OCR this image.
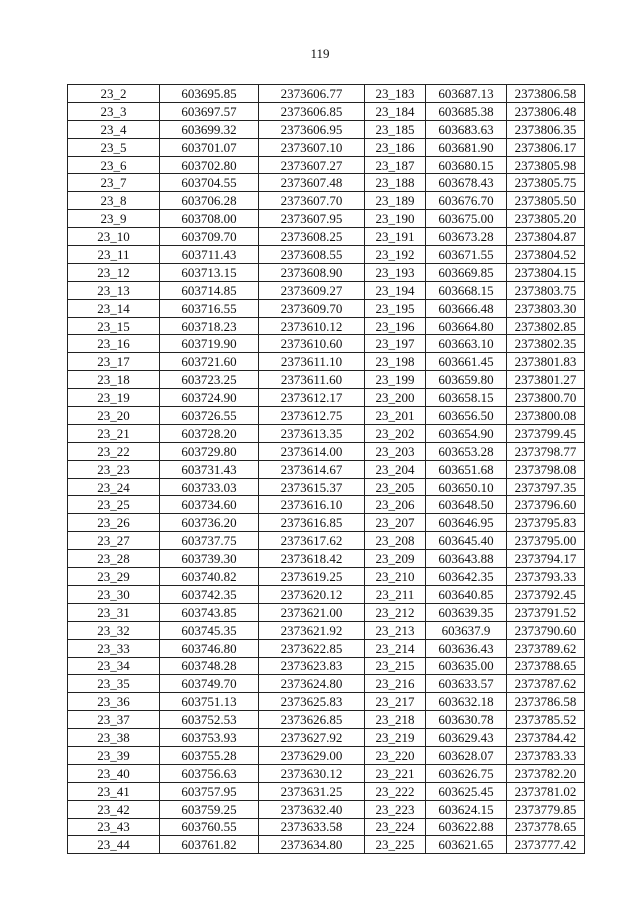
119
23_2	603695.85	2373606.77	23_183	603687.13	2373806.58
23_3	603697.57	2373606.85	23_184	603685.38	2373806.48
23_4	603699.32	2373606.95	23_185	603683.63	2373806.35
23_5	603701.07	2373607.10	23_186	603681.90	2373806.17
23_6	603702.80	2373607.27	23_187	603680.15	2373805.98
23_7	603704.55	2373607.48	23_188	603678.43	2373805.75
23_8	603706.28	2373607.70	23_189	603676.70	2373805.50
23_9	603708.00	2373607.95	23_190	603675.00	2373805.20
23_10	603709.70	2373608.25	23_191	603673.28	2373804.87
23_11	603711.43	2373608.55	23_192	603671.55	2373804.52
23_12	603713.15	2373608.90	23_193	603669.85	2373804.15
23_13	603714.85	2373609.27	23_194	603668.15	2373803.75
23_14	603716.55	2373609.70	23_195	603666.48	2373803.30
23_15	603718.23	2373610.12	23_196	603664.80	2373802.85
23_16	603719.90	2373610.60	23_197	603663.10	2373802.35
23_17	603721.60	2373611.10	23_198	603661.45	2373801.83
23_18	603723.25	2373611.60	23_199	603659.80	2373801.27
23_19	603724.90	2373612.17	23_200	603658.15	2373800.70
23_20	603726.55	2373612.75	23_201	603656.50	2373800.08
23_21	603728.20	2373613.35	23_202	603654.90	2373799.45
23_22	603729.80	2373614.00	23_203	603653.28	2373798.77
23_23	603731.43	2373614.67	23_204	603651.68	2373798.08
23_24	603733.03	2373615.37	23_205	603650.10	2373797.35
23_25	603734.60	2373616.10	23_206	603648.50	2373796.60
23_26	603736.20	2373616.85	23_207	603646.95	2373795.83
23_27	603737.75	2373617.62	23_208	603645.40	2373795.00
23_28	603739.30	2373618.42	23_209	603643.88	2373794.17
23_29	603740.82	2373619.25	23_210	603642.35	2373793.33
23_30	603742.35	2373620.12	23_211	603640.85	2373792.45
23_31	603743.85	2373621.00	23_212	603639.35	2373791.52
23_32	603745.35	2373621.92	23_213	603637.9	2373790.60
23_33	603746.80	2373622.85	23_214	603636.43	2373789.62
23_34	603748.28	2373623.83	23_215	603635.00	2373788.65
23_35	603749.70	2373624.80	23_216	603633.57	2373787.62
23_36	603751.13	2373625.83	23_217	603632.18	2373786.58
23_37	603752.53	2373626.85	23_218	603630.78	2373785.52
23_38	603753.93	2373627.92	23_219	603629.43	2373784.42
23_39	603755.28	2373629.00	23_220	603628.07	2373783.33
23_40	603756.63	2373630.12	23_221	603626.75	2373782.20
23_41	603757.95	2373631.25	23_222	603625.45	2373781.02
23_42	603759.25	2373632.40	23_223	603624.15	2373779.85
23_43	603760.55	2373633.58	23_224	603622.88	2373778.65
23_44	603761.82	2373634.80	23_225	603621.65	2373777.42
